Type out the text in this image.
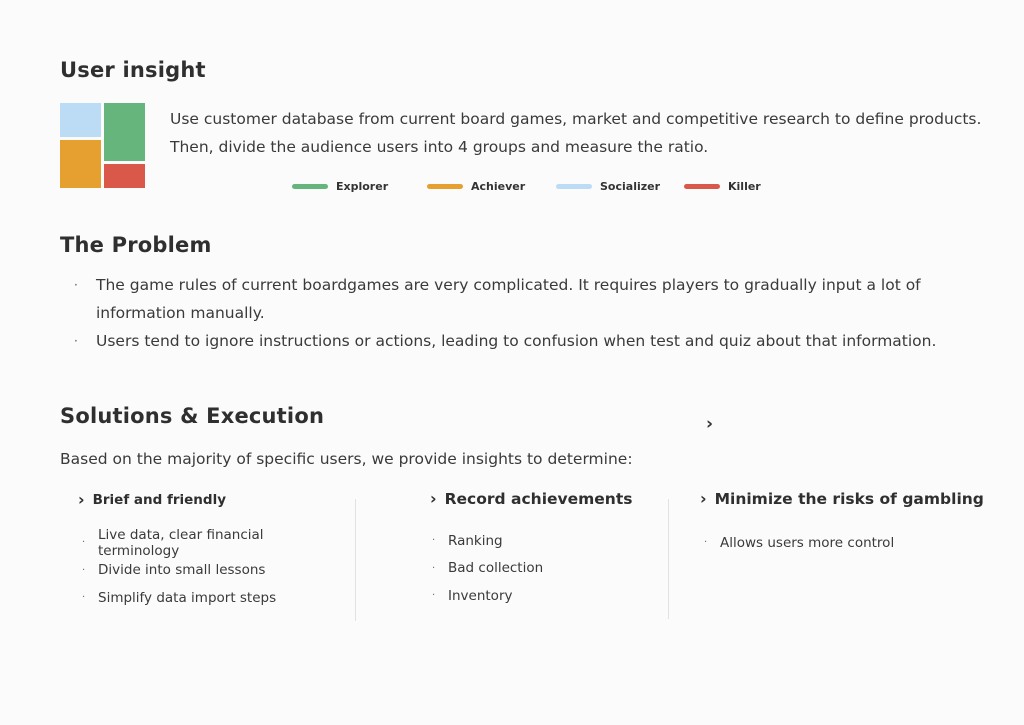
User insight
Use customer database from current board games, market and competitive research to define products.
Then, divide the audience users into 4 groups and measure the ratio.
Explorer	Achiever	Socializer	Killer
The Problem
·	The game rules of current boardgames are very complicated. It requires players to gradually input a lot of
information manually.
·	Users tend to ignore instructions or actions, leading to confusion when test and quiz about that information.
Solutions & Execution	›
Based on the majority of specific users, we provide insights to determine:
› Brief and friendly
· Live data, clear financial terminology
· Divide into small lessons
· Simplify data import steps
› Record achievements
· Ranking
· Bad collection
· Inventory
› Minimize the risks of gambling
· Allows users more control
